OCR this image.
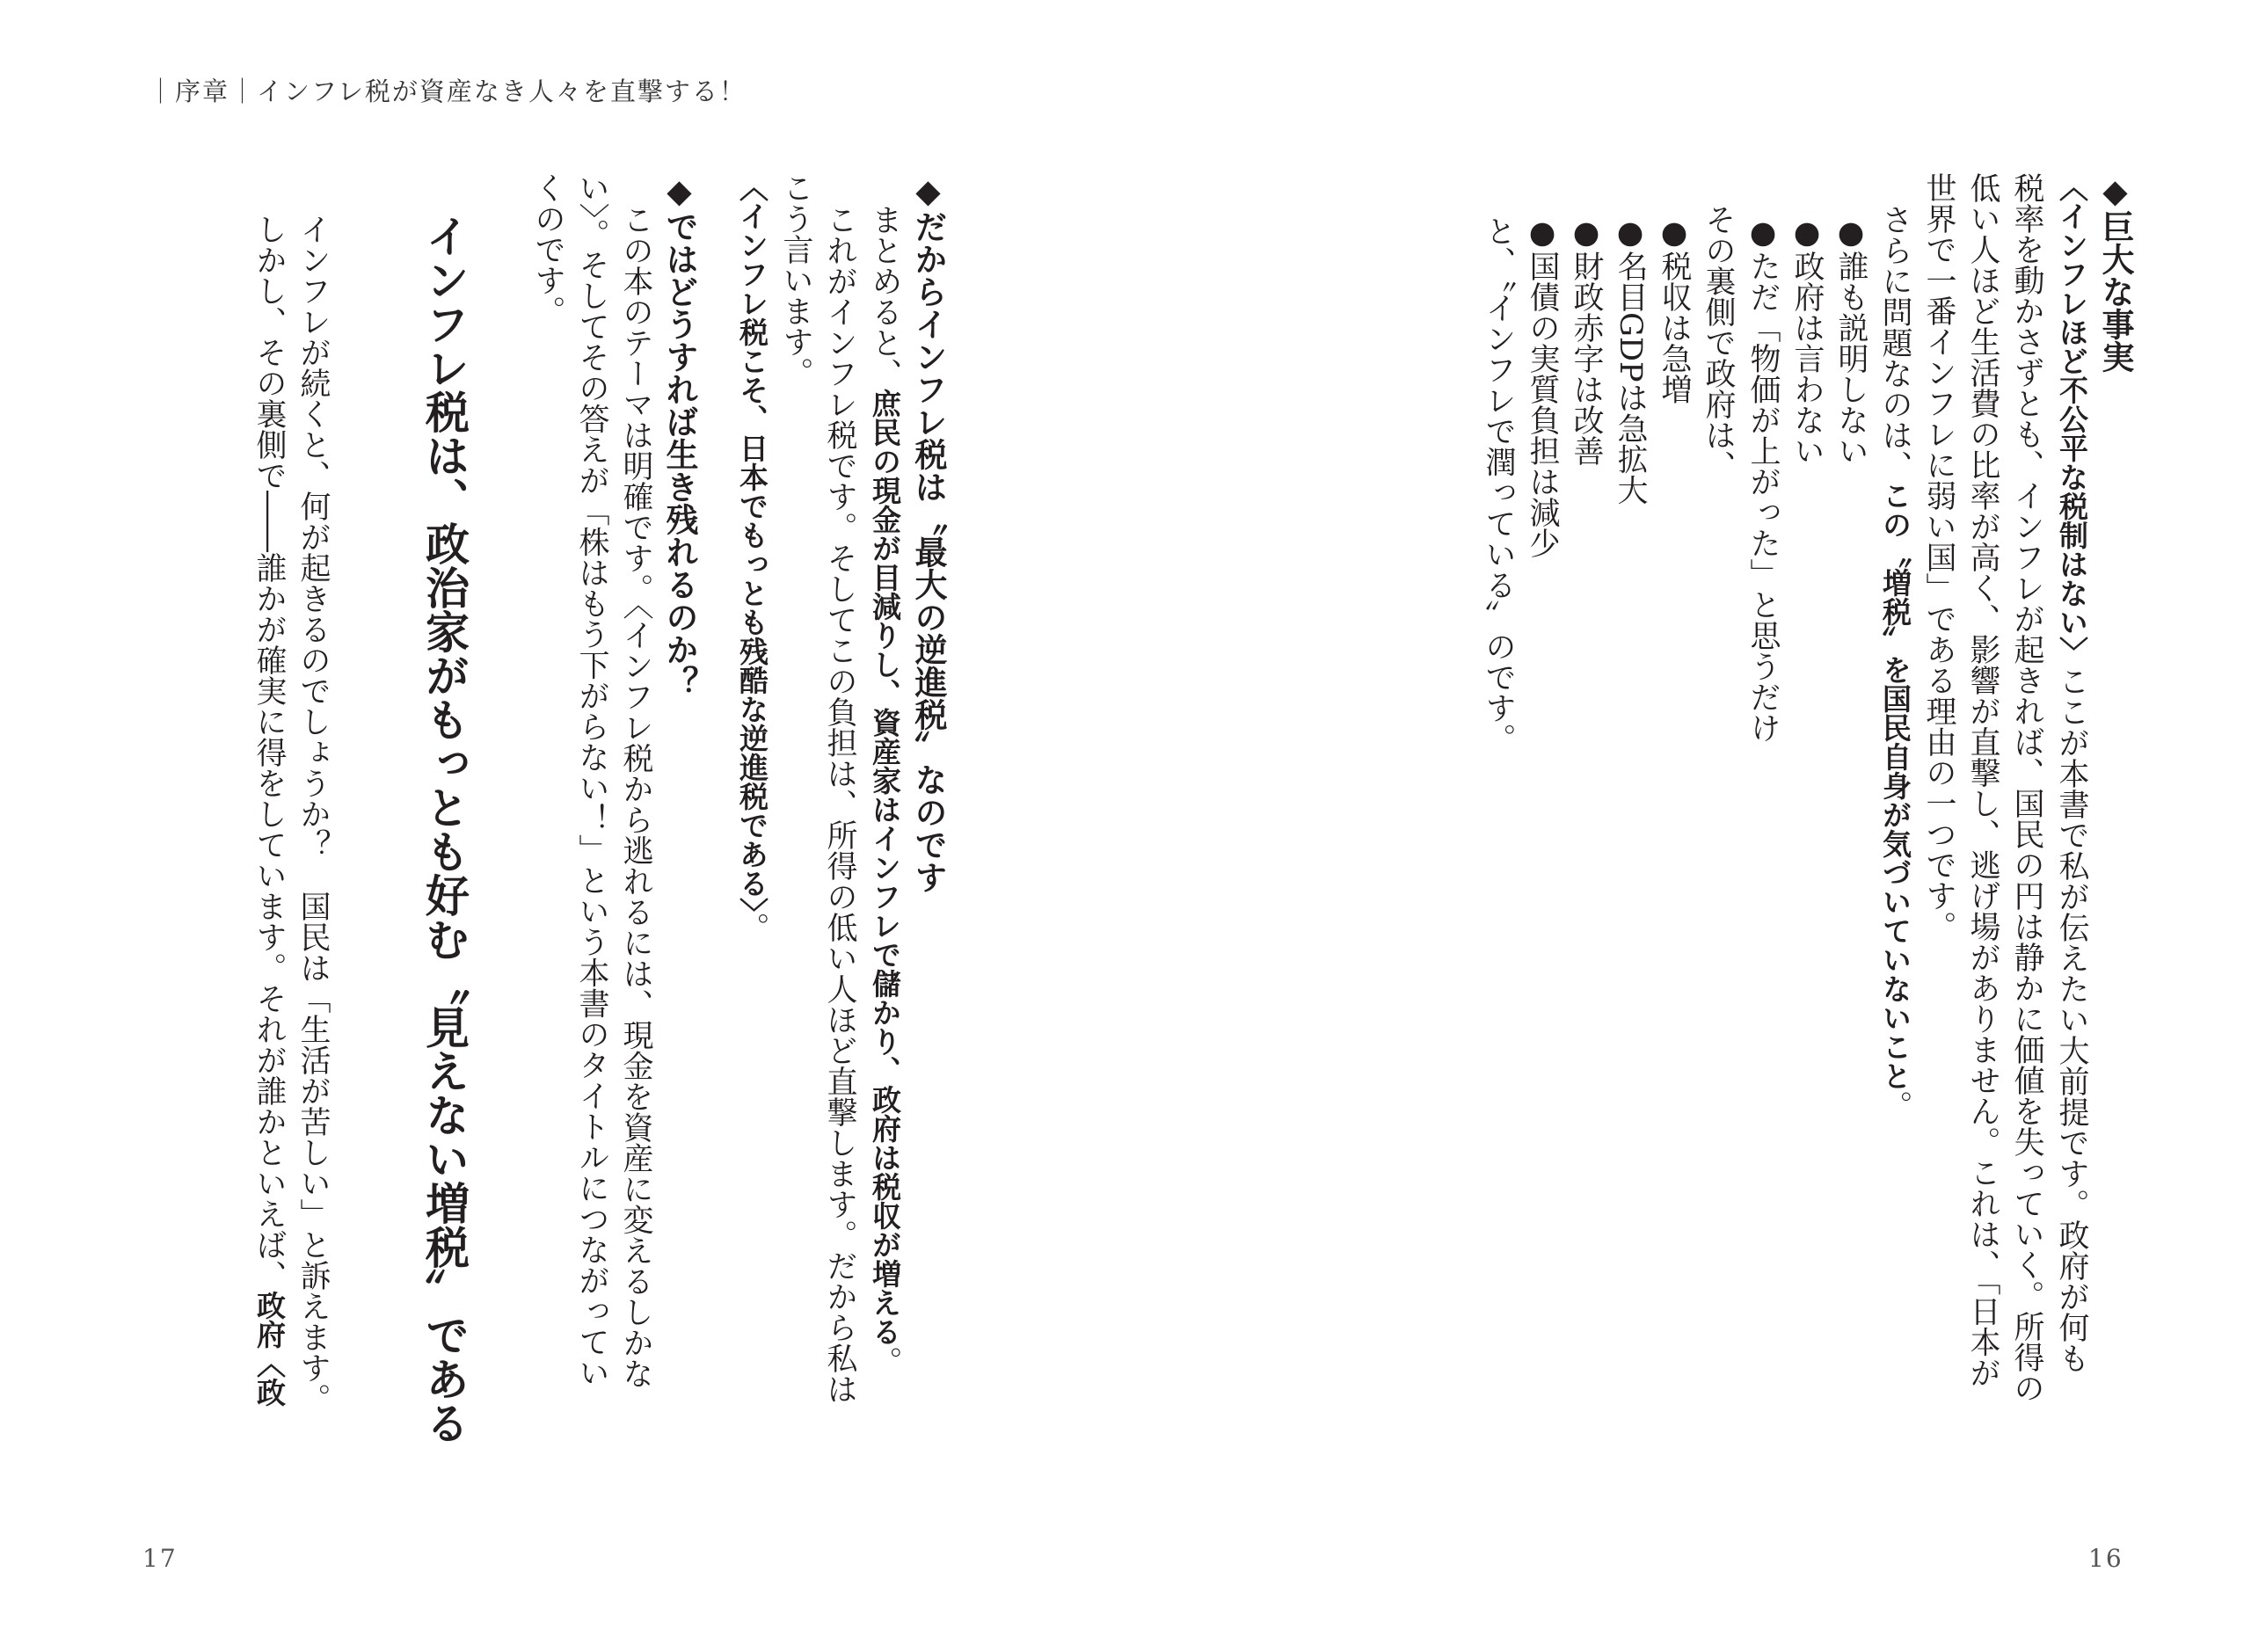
｜序章｜インフレ税が資産なき人々を直撃する！
◆巨大な事実
〈インフレほど不公平な税制はない〉ここが本書で私が伝えたい大前提です。政府が何も
税率を動かさずとも、インフレが起きれば、国民の円は静かに価値を失っていく。所得の
低い人ほど生活費の比率が高く、影響が直撃し、逃げ場がありません。これは、「日本が
世界で一番インフレに弱い国」である理由の一つです。
さらに問題なのは、この〝増税〟を国民自身が気づいていないこと。
●誰も説明しない
●政府は言わない
●ただ「物価が上がった」と思うだけ
その裏側で政府は、
●税収は急増
●名目GDPは急拡大
●財政赤字は改善
●国債の実質負担は減少
と、〝インフレで潤っている〟のです。
◆だからインフレ税は〝最大の逆進税〟なのです
まとめると、庶民の現金が目減りし、資産家はインフレで儲かり、政府は税収が増える。
これがインフレ税です。そしてこの負担は、所得の低い人ほど直撃します。だから私は
こう言います。
〈インフレ税こそ、日本でもっとも残酷な逆進税である〉。
◆ではどうすれば生き残れるのか？
この本のテーマは明確です。〈インフレ税から逃れるには、現金を資産に変えるしかな
い〉。そしてその答えが「株はもう下がらない！」という本書のタイトルにつながってい
くのです。
インフレ税は、政治家がもっとも好む〝見えない増税〟である
インフレが続くと、何が起きるのでしょうか？　国民は「生活が苦しい」と訴えます。
しかし、その裏側で――誰かが確実に得をしています。それが誰かといえば、政府〈政
17	16
